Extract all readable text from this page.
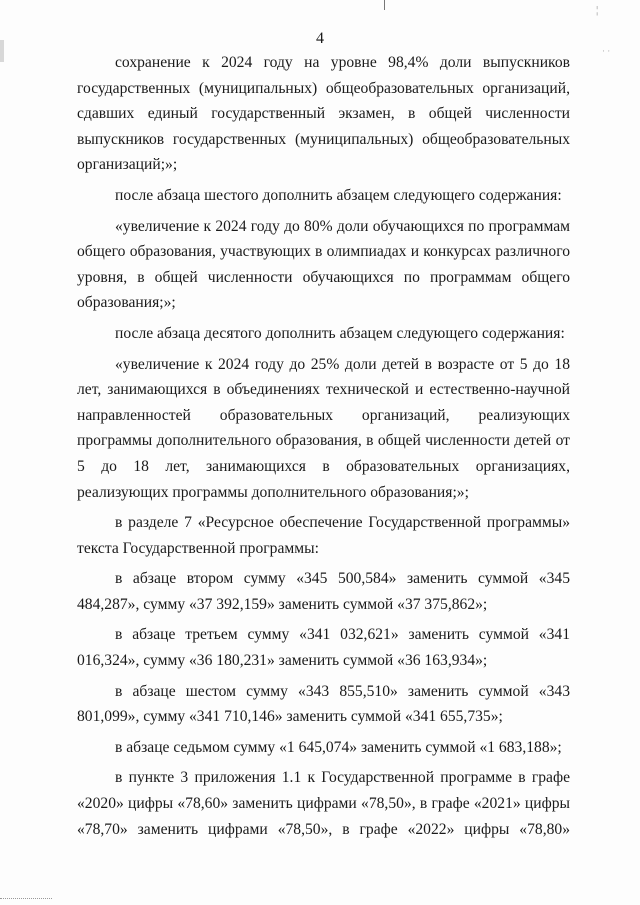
¦
· ·
4

сохранение к 2024 году на уровне 98,4% доли выпускников государственных (муниципальных) общеобразовательных организаций, сдавших единый государственный экзамен, в общей численности выпускников государственных (муниципальных) общеобразовательных организаций;»;

после абзаца шестого дополнить абзацем следующего содержания:

«увеличение к 2024 году до 80% доли обучающихся по программам общего образования, участвующих в олимпиадах и конкурсах различного уровня, в общей численности обучающихся по программам общего образования;»;

после абзаца десятого дополнить абзацем следующего содержания:

«увеличение к 2024 году до 25% доли детей в возрасте от 5 до 18 лет, занимающихся в объединениях технической и естественно-научной направленностей образовательных организаций, реализующих программы дополнительного образования, в общей численности детей от 5 до 18 лет, занимающихся в образовательных организациях, реализующих программы дополнительного образования;»;

в разделе 7 «Ресурсное обеспечение Государственной программы» текста Государственной программы:

в абзаце втором сумму «345 500,584» заменить суммой «345 484,287», сумму «37 392,159» заменить суммой «37 375,862»;

в абзаце третьем сумму «341 032,621» заменить суммой «341 016,324», сумму «36 180,231» заменить суммой «36 163,934»;

в абзаце шестом сумму «343 855,510» заменить суммой «343 801,099», сумму «341 710,146» заменить суммой «341 655,735»;

в абзаце седьмом сумму «1 645,074» заменить суммой «1 683,188»;

в пункте 3 приложения 1.1 к Государственной программе в графе «2020» цифры «78,60» заменить цифрами «78,50», в графе «2021» цифры «78,70» заменить цифрами «78,50», в графе «2022» цифры «78,80»
